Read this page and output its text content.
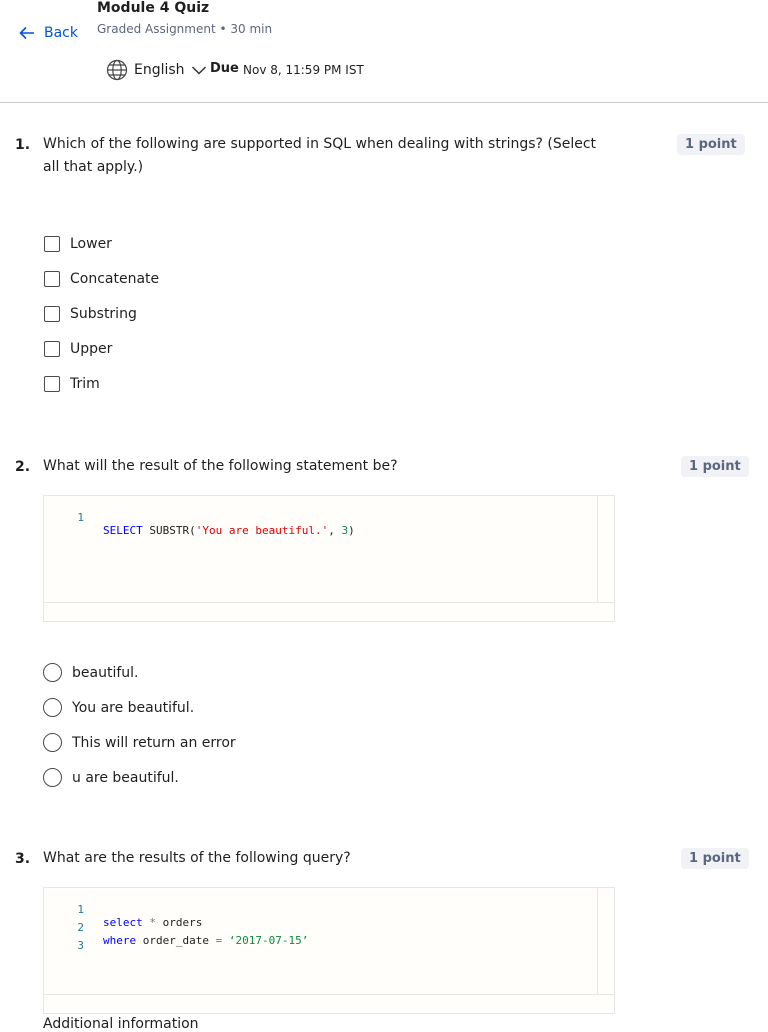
Back
Module 4 Quiz
Graded Assignment • 30 min
English Due Nov 8, 11:59 PM IST
1. Which of the following are supported in SQL when dealing with strings? (Select all that apply.)
1 point
Lower
Concatenate
Substring
Upper
Trim
2. What will the result of the following statement be?	1 point

1

SELECT SUBSTR('You are beautiful.', 3)

beautiful.
You are beautiful.
This will return an error
u are beautiful.
3. What are the results of the following query?	1 point

1

select * orders

2

where order_date = ‘2017-07-15’

3

Additional information
